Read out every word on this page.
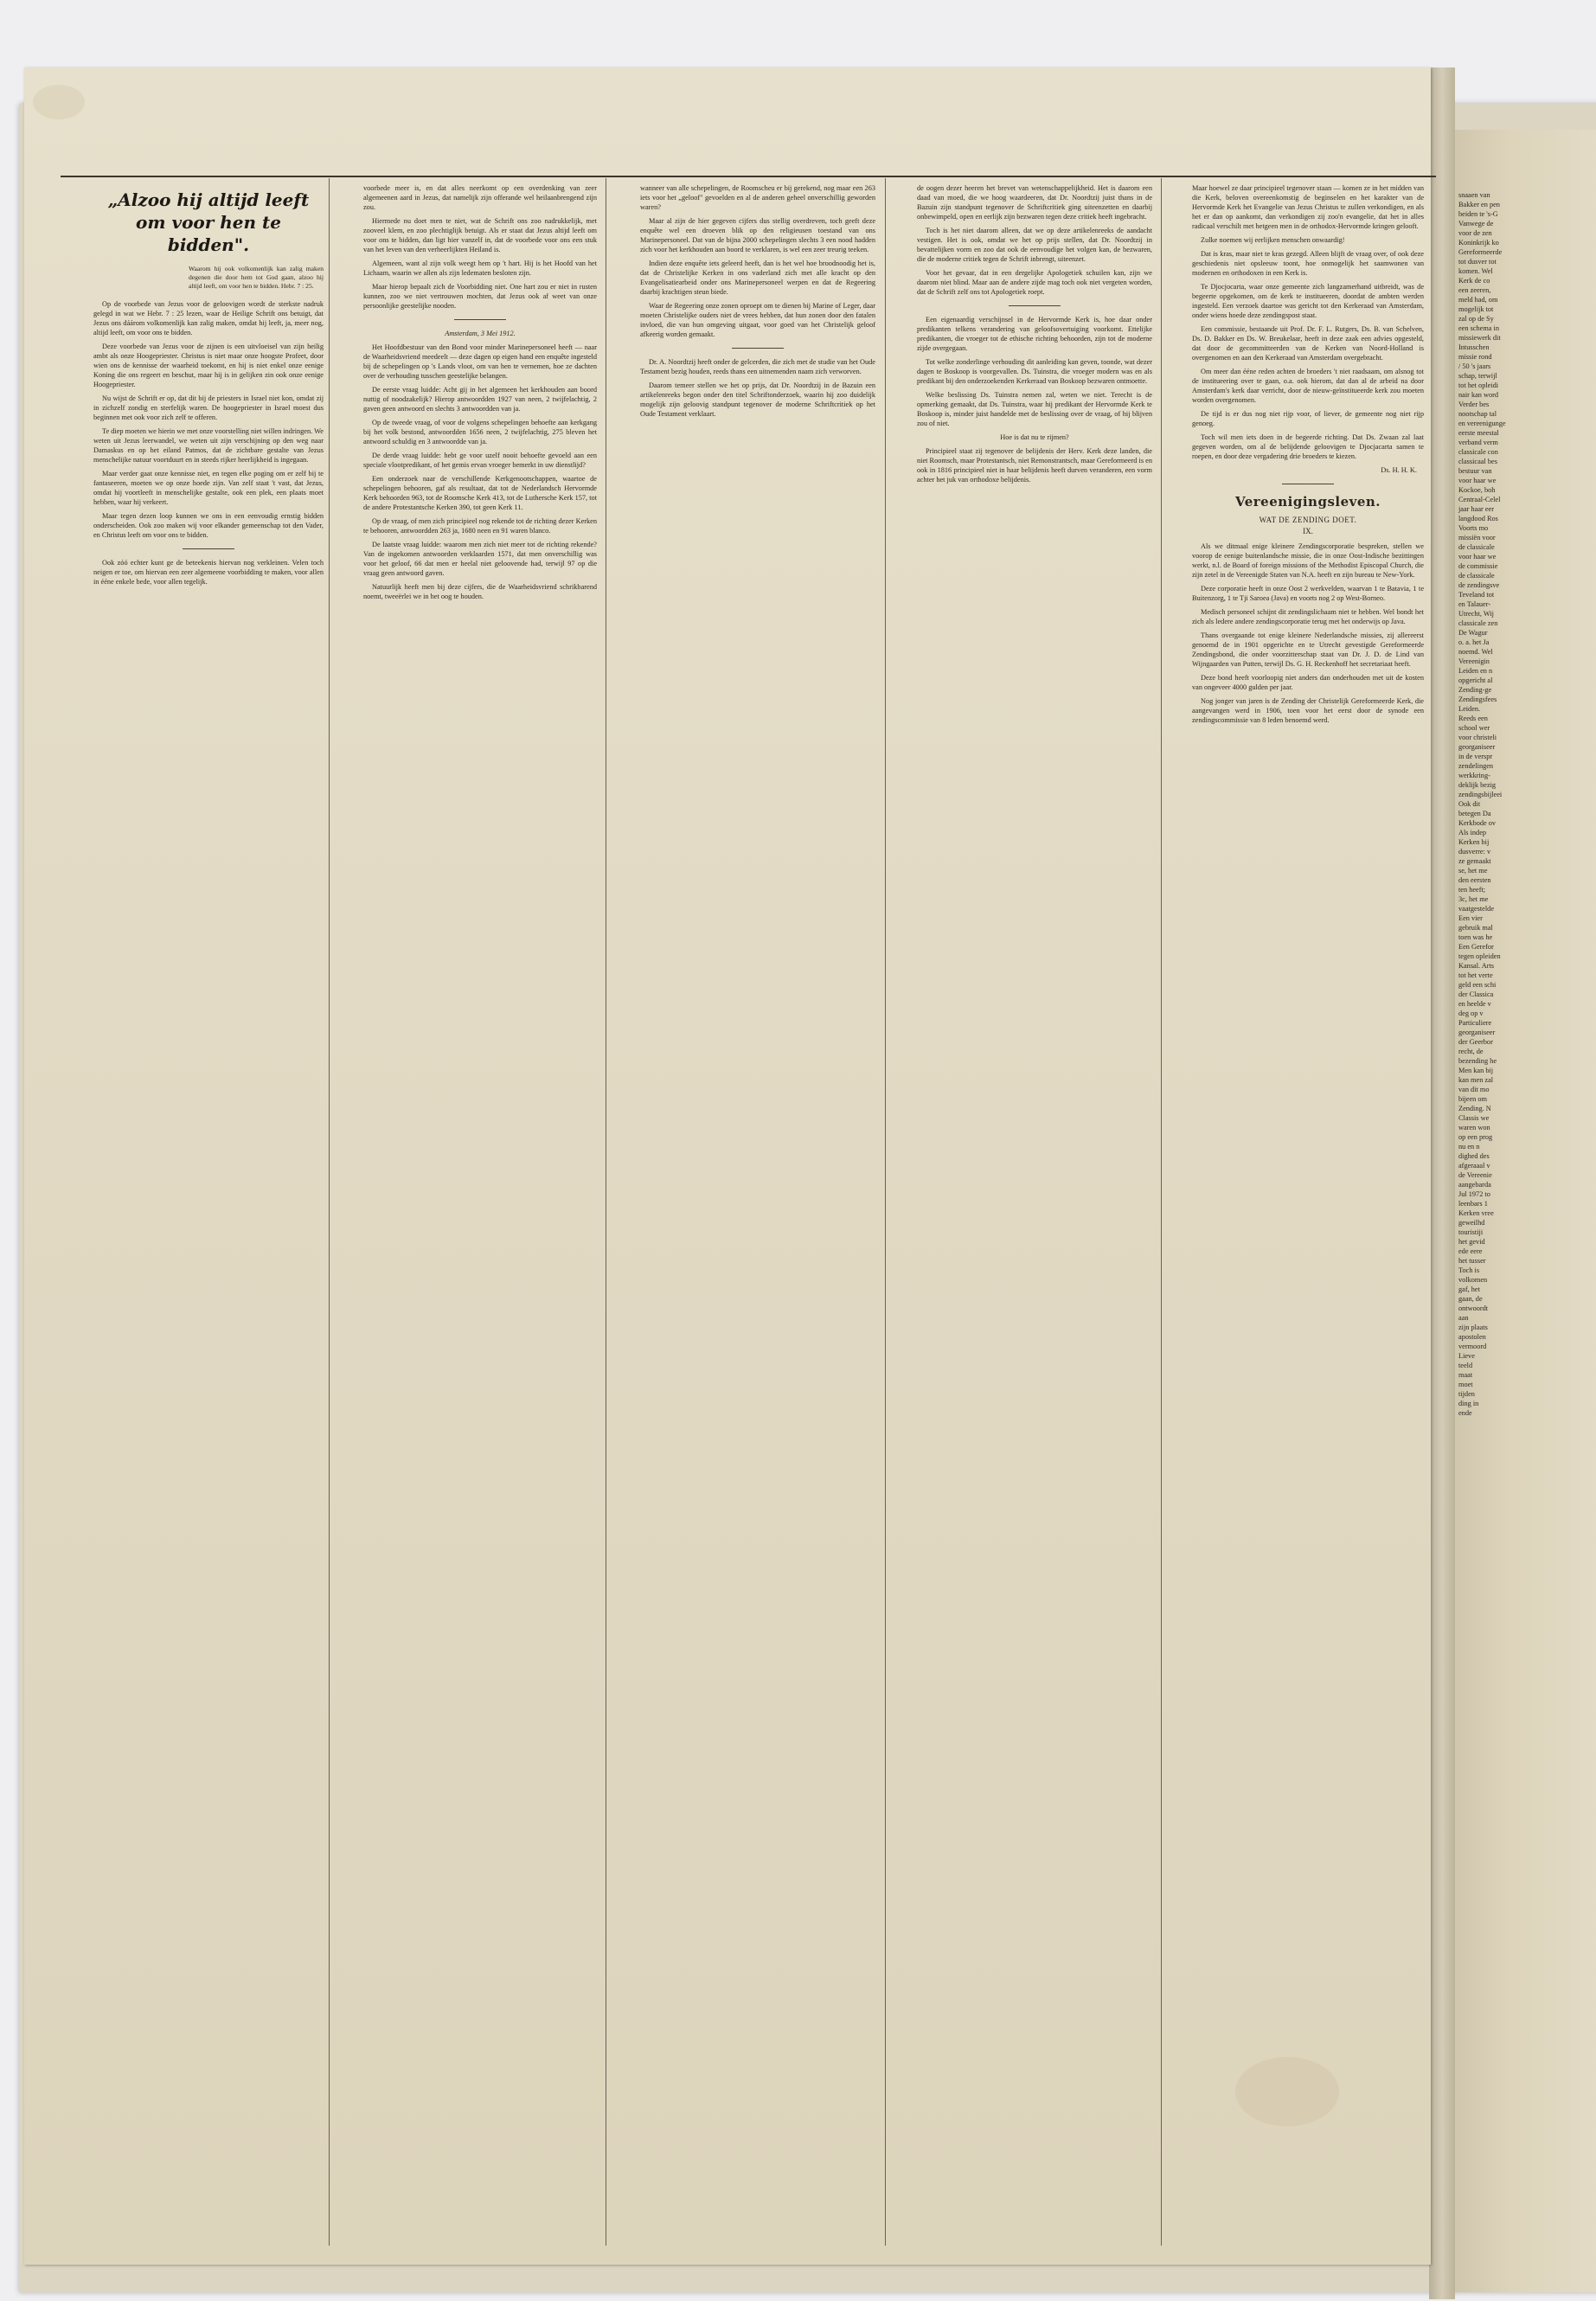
snaaen van
Bakker en pen
beiden te 's-G
Vanwege de
voor de zen
Koninkrijk ko
Gereformeerde
tot dusver tot
komen. Wel
Kerk de co
een zeeren,
meld had, om
mogelijk tot
zal op de Sy
een schema in
missiewerk dit
Intusschen
missie rond
/ 50 's jaars
schap, terwijl
tot het opleidi
nair kan word
Verder bes
nootschap tal
en vereenigunge
eerste meestal
verband verm
classicale con
classicaal bes
bestuur van
voor haar we
Kockoe, boh
Centraal-Celel
jaar haar eer
langdood Ros
Voorts mo
missiën voor
de classicale
voor haar we
de commissie
de classicale
de zendingsve
Teveland tot
en Talauer-
Utrecht, Wij
classicale zen
De Wagur
o. a. het Ja
noemd. Wel
Vereenigin
Leiden en n
opgericht al
Zending-ge
Zendingsfees
Leiden.
Reeds een
school wer
voor christeli
georganiseer
in de verspr
zendelingen
werkkring-
deklijk bezig
zendingsbijleei
Ook dit
betegen Da
Kerkbode ov
Als indep
Kerken bij
dusverre: v
ze gemaakt
se, het me
den eersten
ten heeft;
3c, het me
vaatgestelde
Een vier
gebruik mal
toen was he
Een Gerefor
tegen opleiden
Kansal. Arts
tot het verte
geld een schi
der Classica
en heelde v
deg op v
Particuliere
georganiseer
der Geerbor
recht, de
bezending he
Men kan bij
kan men zal
van dit mo
bijeen om
Zending. N
Classis we
waren won
op een prog
nu en n
dighed des
afgeraaal v
de Vereenie
aangebarda
Jul 1972 to
leenbars 1
Kerken vree
geweilhd
touristiji
het gevid
ede eere
het tusser
Toch is
volkomen
gaf, het
gaan, de
ontwoordt
aan
zijn plaats
apostolen
vermoord
Lieve
teeld
maat
moet
tijden
ding in
ende
„Alzoo hij altijd leeft om voor hen te bidden".
Waarom hij ook volkomenlijk kan zalig maken degenen die door hem tot God gaan, alzoo hij altijd leeft, om voor hen te bidden. Hebr. 7 : 25.

Op de voorbede van Jezus voor de geloovigen wordt de sterkste nadruk gelegd in wat we Hebr. 7 : 25 lezen, waar de Heilige Schrift ons betuigt, dat Jezus ons dáárom volkomenlijk kan zalig maken, omdat hij leeft, ja, meer nog, altijd leeft, om voor ons te bidden.

Deze voorbede van Jezus voor de zijnen is een uitvloeisel van zijn heilig ambt als onze Hoogepriester. Christus is niet maar onze hoogste Profeet, door wien ons de kennisse der waarheid toekomt, en hij is niet enkel onze eenige Koning die ons regeert en beschut, maar hij is in gelijken zin ook onze eenige Hoogepriester.

Nu wijst de Schrift er op, dat dit bij de priesters in Israel niet kon, omdat zij in zichzelf zondig en sterfelijk waren. De hoogepriester in Israel moest dus beginnen met ook voor zich zelf te offeren.

Te diep moeten we hierin we met onze voorstelling niet willen indringen. We weten uit Jezus leerwandel, we weten uit zijn verschijning op den weg naar Damaskus en op het eiland Patmos, dat de zichtbare gestalte van Jezus menschelijke natuur voortduurt en in steeds rijker heerlijkheid is ingegaan.

Maar verder gaat onze kennisse niet, en tegen elke poging om er zelf bij te fantaseeren, moeten we op onze hoede zijn. Van zelf staat 't vast, dat Jezus, omdat hij voortleeft in menschelijke gestalte, ook een plek, een plaats moet hebben, waar hij verkeert.

Maar tegen dezen loop kunnen we ons in een eenvoudig ernstig bidden onderscheiden. Ook zoo maken wij voor elkander gemeenschap tot den Vader, en Christus leeft om voor ons te bidden.

Ook zóó echter kunt ge de beteekenis hiervan nog verkleinen. Velen toch neigen er toe, om hiervan een zeer algemeene voorbidding te maken, voor allen in ééne enkele bede, voor allen tegelijk.

voorbede meer is, en dat alles neerkomt op een overdenking van zeer algemeenen aard in Jezus, dat namelijk zijn offerande wel heilaanbrengend zijn zou.

Hiermede nu doet men te niet, wat de Schrift ons zoo nadrukkelijk, met zooveel klem, en zoo plechtiglijk betuigt. Als er staat dat Jezus altijd leeft om voor ons te bidden, dan ligt hier vanzelf in, dat de voorbede voor ons een stuk van het leven van den verheerlijkten Heiland is.

Algemeen, want al zijn volk weegt hem op 't hart. Hij is het Hoofd van het Lichaam, waarin we allen als zijn ledematen besloten zijn.

Maar hierop bepaalt zich de Voorbidding niet. One hart zou er niet in rusten kunnen, zoo we niet vertrouwen mochten, dat Jezus ook af weet van onze persoonlijke geestelijke nooden.

Amsterdam, 3 Mei 1912.

Het Hoofdbestuur van den Bond voor minder Marinepersoneel heeft — naar de Waarheidsvriend meedeelt — deze dagen op eigen hand een enquête ingesteld bij de schepelingen op 's Lands vloot, om van hen te vernemen, hoe ze dachten over de verhouding tusschen geestelijke belangen.

De eerste vraag luidde: Acht gij in het algemeen het kerkhouden aan boord nuttig of noodzakelijk? Hierop antwoordden 1927 van neen, 2 twijfelachtig, 2 gaven geen antwoord en slechts 3 antwoordden van ja.

Op de tweede vraag, of voor de volgens schepelingen behoefte aan kerkgang bij het volk bestond, antwoordden 1656 neen, 2 twijfelachtig, 275 bleven het antwoord schuldig en 3 antwoordde van ja.

De derde vraag luidde: hebt ge voor uzelf nooit behoefte gevoeld aan een speciale vlootpredikant, of het gemis ervan vroeger bemerkt in uw dienstlijd?

Een onderzoek naar de verschillende Kerkgenootschappen, waartoe de schepelingen behooren, gaf als resultaat, dat tot de Nederlandsch Hervormde Kerk behoorden 963, tot de Roomsche Kerk 413, tot de Luthersche Kerk 157, tot de andere Protestantsche Kerken 390, tot geen Kerk 11.

Op de vraag, of men zich principieel nog rekende tot de richting dezer Kerken te behooren, antwoordden 263 ja, 1680 neen en 91 waren blanco.

De laatste vraag luidde: waarom men zich niet meer tot de richting rekende? Van de ingekomen antwoorden verklaarden 1571, dat men onverschillig was voor het geloof, 66 dat men er heelal niet geloovende had, terwijl 97 op die vraag geen antwoord gaven.

Natuurlijk heeft men bij deze cijfers, die de Waarheidsvriend schrikbarend noemt, tweeërlei we in het oog te houden.

wanneer van alle schepelingen, de Roomscheu er bij gerekend, nog maar een 263 iets voor het „geloof" gevoelden en al de anderen geheel onverschillig geworden waren?

Maar al zijn de hier gegeven cijfers dus stellig overdreven, toch geeft deze enquête wel een droeven blik op den religieusen toestand van ons Marinepersoneel. Dat van de bijna 2000 schepelingen slechts 3 een nood hadden zich voor het kerkhouden aan boord te verklaren, is wel een zeer treurig teeken.

Indien deze enquête iets geleerd heeft, dan is het wel hoe broodnoodig het is, dat de Christelijke Kerken in ons vaderland zich met alle kracht op den Evangelisatiearbeid onder ons Marinepersoneel werpen en dat de Regeering daarbij krachtigen steun biede.

Waar de Regeering onze zonen oproept om te dienen bij Marine of Leger, daar moeten Christelijke ouders niet de vrees hebben, dat hun zonen door den fatalen invloed, die van hun omgeving uitgaat, voor goed van het Christelijk geloof afkeerig worden gemaakt.

Dr. A. Noordtzij heeft onder de gelcerden, die zich met de studie van het Oude Testament bezig houden, reeds thans een uitnemenden naam zich verworven.

Daarom temeer stellen we het op prijs, dat Dr. Noordtzij in de Bazuin een artikelenreeks begon onder den titel Schriftonderzoek, waarin hij zoo duidelijk mogelijk zijn geloovig standpunt tegenover de moderne Schriftcritiek op het Oude Testament verklaart.

de oogen dezer heeren het brevet van wetenschappelijkheid. Het is daarom een daad van moed, die we hoog waardeeren, dat Dr. Noordtzij juist thans in de Bazuin zijn standpunt tegenover de Schriftcritiek ging uiteenzetten en daarbij onbewimpeld, open en eerlijk zijn bezwaren tegen deze critiek heeft ingebracht.

Toch is het niet daarom alleen, dat we op deze artikelenreeks de aandacht vestigen. Het is ook, omdat we het op prijs stellen, dat Dr. Noordtzij in bevattelijken vorm en zoo dat ook de eenvoudige het volgen kan, de bezwaren, die de moderne critiek tegen de Schrift inbrengt, uiteenzet.

Voor het gevaar, dat in een dergelijke Apologetiek schuilen kan, zijn we daarom niet blind. Maar aan de andere zijde mag toch ook niet vergeten worden, dat de Schrift zelf ons tot Apologetiek roept.

Een eigenaardig verschijnsel in de Hervormde Kerk is, hoe daar onder predikanten telkens verandering van geloofsovertuiging voorkomt. Ettelijke predikanten, die vroeger tot de ethische richting behoorden, zijn tot de moderne zijde overgegaan.

Tot welke zonderlinge verhouding dit aanleiding kan geven, toonde, wat dezer dagen te Boskoop is voorgevallen. Ds. Tuinstra, die vroeger modern was en als predikant bij den onderzoekenden Kerkeraad van Boskoop bezwaren ontmoette.

Welke beslissing Ds. Tuinstra nemen zal, weten we niet. Terecht is de opmerking gemaakt, dat Ds. Tuinstra, waar hij predikant der Hervormde Kerk te Boskoop is, minder juist handelde met de beslissing over de vraag, of hij blijven zou of niet.

Hoe is dat nu te rijmen?

Principieel staat zij tegenover de belijdenis der Herv. Kerk deze landen, die niet Roomsch, maar Protestantsch, niet Remonstrantsch, maar Gereformeerd is en ook in 1816 principieel niet in haar belijdenis heeft durven veranderen, een vorm achter het juk van orthodoxe belijdenis.

Maar hoewel ze daar principieel tegenover staan — komen ze in het midden van die Kerk, beloven overeenkomstig de beginselen en het karakter van de Hervormde Kerk het Evangelie van Jezus Christus te zullen verkondigen, en als het er dan op aankomt, dan verkondigen zij zoo'n evangelie, dat het in alles radicaal verschilt met hetgeen men in de orthodox-Hervormde kringen gelooft.

Zulke noemen wij eerlijken menschen onwaardig!

Dat is kras, maar niet te kras gezegd. Alleen blijft de vraag over, of ook deze geschiedenis niet opsleeuw toont, hoe onmogelijk het saamwonen van modernen en orthodoxen in een Kerk is.

Te Djocjocarta, waar onze gemeente zich langzamerhand uitbreidt, was de begeerte opgekomen, om de kerk te institueeren, doordat de ambten werden ingesteld. Een verzoek daartoe was gericht tot den Kerkeraad van Amsterdam, onder wiens hoede deze zendingspost staat.

Een commissie, bestaande uit Prof. Dr. F. L. Rutgers, Ds. B. van Schelven, Ds. D. Bakker en Ds. W. Breukelaar, heeft in deze zaak een advies opgesteld, dat door de gecommitteerden van de Kerken van Noord-Holland is overgenomen en aan den Kerkeraad van Amsterdam overgebracht.

Om meer dan ééne reden achten de broeders 't niet raadsaam, om alsnog tot de institueering over te gaan, o.a. ook hierom, dat dan al de arbeid na door Amsterdam's kerk daar verricht, door de nieuw-geïnstitueerde kerk zou moeten worden overgenomen.

De tijd is er dus nog niet rijp voor, of liever, de gemeente nog niet rijp genoeg.

Toch wil men iets doen in de begeerde richting. Dat Ds. Zwaan zal laat gegeven worden, om al de belijdende geloovigen te Djocjacarta samen te roepen, en door deze vergadering drie broeders te kiezen.

Ds. H. H. K.

Vereenigingsleven.
WAT DE ZENDING DOET.
IX.

Als we ditmaal enige kleinere Zendingscorporatie bespreken, stellen we voorop de eenige buitenlandsche missie, die in onze Oost-Indische bezittingen werkt, n.l. de Board of foreign missions of the Methodist Episcopal Church, die zijn zetel in de Vereenigde Staten van N.A. heeft en zijn bureau te New-York.

Deze corporatie heeft in onze Oost 2 werkvelden, waarvan 1 te Batavia, 1 te Buitenzorg, 1 te Tji Saroea (Java) en voorts nog 2 op West-Borneo.

Medisch personeel schijnt dit zendingslichaam niet te hebben. Wel bondt het zich als ledere andere zendingscorporatie terug met het onderwijs op Java.

Thans overgaande tot enige kleinere Nederlandsche missies, zij allereerst genoemd de in 1901 opgerichte en te Utrecht gevestigde Gereformeerde Zendingsbond, die onder voorzitterschap staat van Dr. J. D. de Lind van Wijngaarden van Putten, terwijl Ds. G. H. Reckenhoff het secretariaat heeft.

Deze bond heeft voorloopig niet anders dan onderhouden met uit de kosten van ongeveer 4000 gulden per jaar.

Nog jonger van jaren is de Zending der Christelijk Gereformeerde Kerk, die aangevangen werd in 1906, toen voor het eerst door de synode een zendingscommissie van 8 leden benoemd werd.
